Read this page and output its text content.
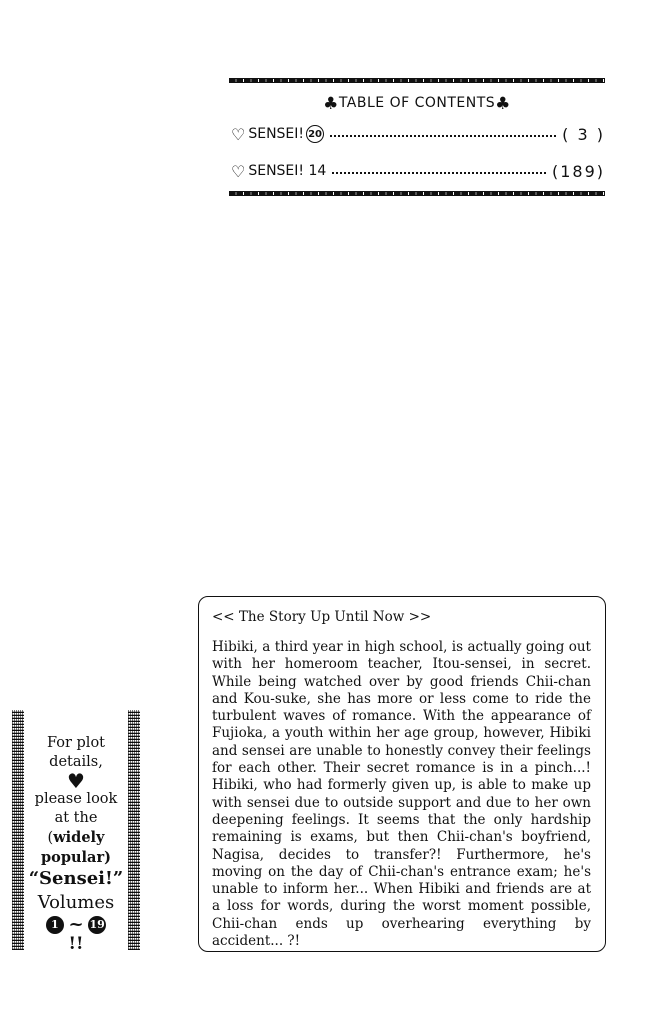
♣TABLE OF CONTENTS♣
♡ SENSEI! 20	( 3 )
♡ SENSEI! 14	(189)
<< The Story Up Until Now >>

Hibiki, a third year in high school, is actually going out with her homeroom teacher, Itou-sensei, in secret. While being watched over by good friends Chii-chan and Kou-suke, she has more or less come to ride the turbulent waves of romance. With the appearance of Fujioka, a youth within her age group, however, Hibiki and sensei are unable to honestly convey their feelings for each other. Their secret romance is in a pinch...! Hibiki, who had formerly given up, is able to make up with sensei due to outside support and due to her own deepening feelings. It seems that the only hardship remaining is exams, but then Chii-chan's boyfriend, Nagisa, decides to transfer?! Furthermore, he's moving on the day of Chii-chan's entrance exam; he's unable to inform her... When Hibiki and friends are at a loss for words, during the worst moment possible, Chii-chan ends up overhearing everything by accident... ?!

For plot
details,
♥
please look
at the
(widely
popular)
“Sensei!”
Volumes
1 ~ 19
!!
